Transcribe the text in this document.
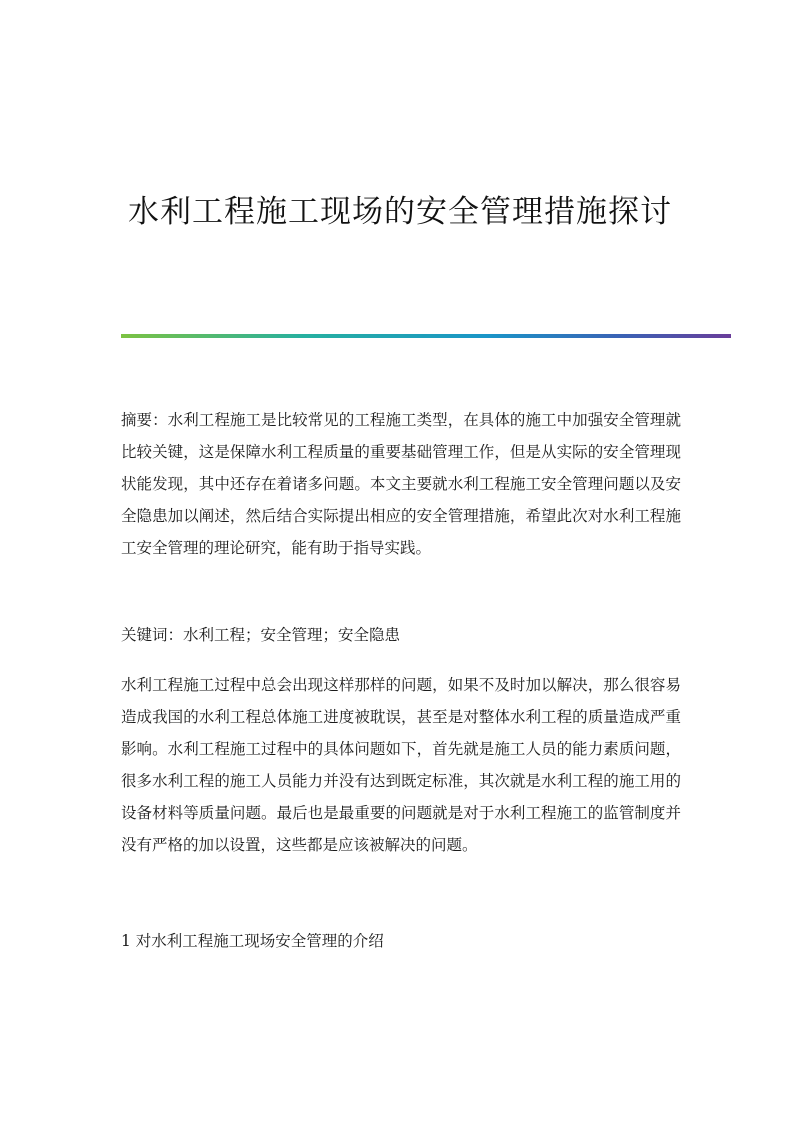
水利工程施工现场的安全管理措施探讨

摘要：水利工程施工是比较常见的工程施工类型，在具体的施工中加强安全管理就比较关键，这是保障水利工程质量的重要基础管理工作，但是从实际的安全管理现状能发现，其中还存在着诸多问题。本文主要就水利工程施工安全管理问题以及安全隐患加以阐述，然后结合实际提出相应的安全管理措施，希望此次对水利工程施工安全管理的理论研究，能有助于指导实践。

关键词：水利工程；安全管理；安全隐患

水利工程施工过程中总会出现这样那样的问题，如果不及时加以解决，那么很容易造成我国的水利工程总体施工进度被耽误，甚至是对整体水利工程的质量造成严重影响。水利工程施工过程中的具体问题如下，首先就是施工人员的能力素质问题，很多水利工程的施工人员能力并没有达到既定标准，其次就是水利工程的施工用的设备材料等质量问题。最后也是最重要的问题就是对于水利工程施工的监管制度并没有严格的加以设置，这些都是应该被解决的问题。

1 对水利工程施工现场安全管理的介绍
